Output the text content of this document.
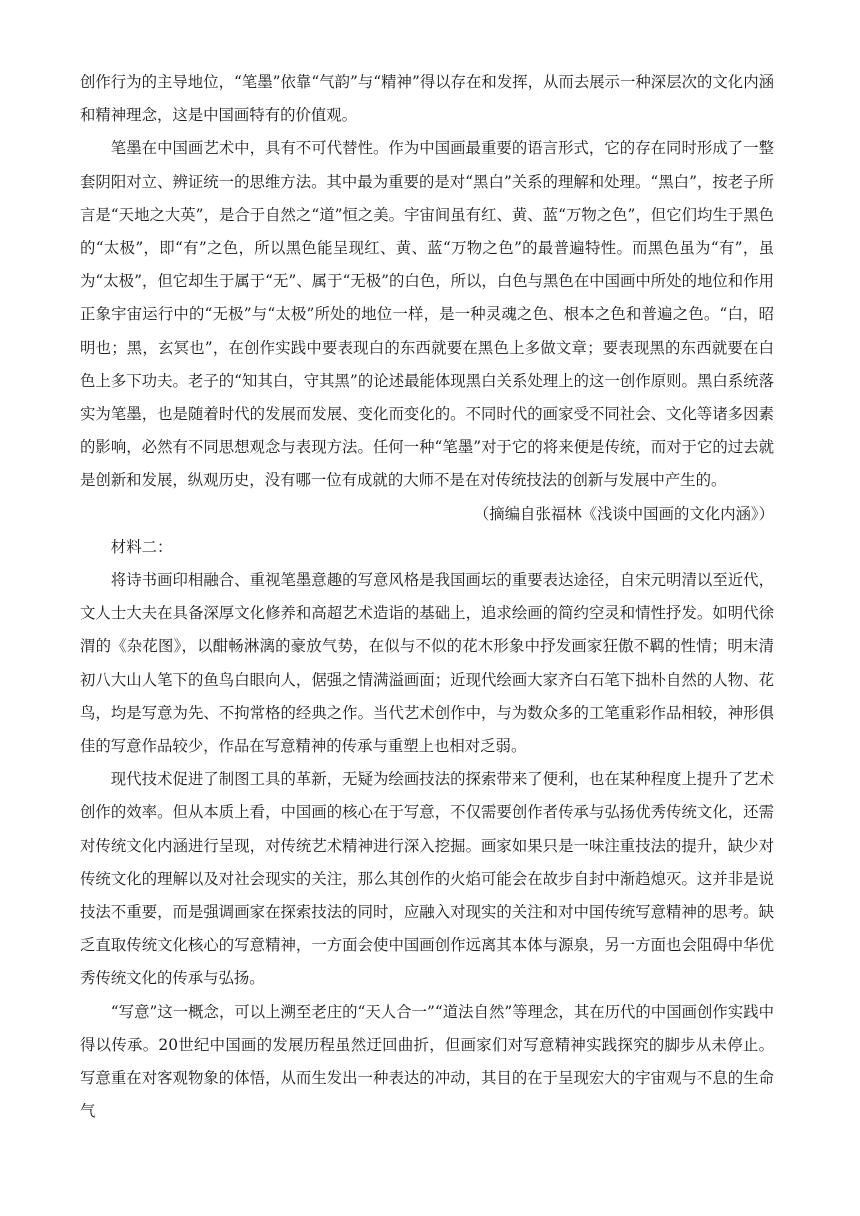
创作行为的主导地位，“笔墨”依靠“气韵”与“精神”得以存在和发挥，从而去展示一种深层次的文化内涵和精神理念，这是中国画特有的价值观。

笔墨在中国画艺术中，具有不可代替性。作为中国画最重要的语言形式，它的存在同时形成了一整套阴阳对立、辨证统一的思维方法。其中最为重要的是对“黑白”关系的理解和处理。“黑白”，按老子所言是“天地之大英”，是合于自然之“道”恒之美。宇宙间虽有红、黄、蓝“万物之色”，但它们均生于黑色的“太极”，即“有”之色，所以黑色能呈现红、黄、蓝“万物之色”的最普遍特性。而黑色虽为“有”，虽为“太极”，但它却生于属于“无”、属于“无极”的白色，所以，白色与黑色在中国画中所处的地位和作用正象宇宙运行中的“无极”与“太极”所处的地位一样，是一种灵魂之色、根本之色和普遍之色。“白，昭明也；黑，玄冥也”，在创作实践中要表现白的东西就要在黑色上多做文章；要表现黑的东西就要在白色上多下功夫。老子的“知其白，守其黑”的论述最能体现黑白关系处理上的这一创作原则。黑白系统落实为笔墨，也是随着时代的发展而发展、变化而变化的。不同时代的画家受不同社会、文化等诸多因素的影响，必然有不同思想观念与表现方法。任何一种“笔墨”对于它的将来便是传统，而对于它的过去就是创新和发展，纵观历史，没有哪一位有成就的大师不是在对传统技法的创新与发展中产生的。

（摘编自张福林《浅谈中国画的文化内涵》）

材料二：

将诗书画印相融合、重视笔墨意趣的写意风格是我国画坛的重要表达途径，自宋元明清以至近代，文人士大夫在具备深厚文化修养和高超艺术造诣的基础上，追求绘画的简约空灵和情性抒发。如明代徐渭的《杂花图》，以酣畅淋漓的豪放气势，在似与不似的花木形象中抒发画家狂傲不羁的性情；明末清初八大山人笔下的鱼鸟白眼向人，倨强之情满溢画面；近现代绘画大家齐白石笔下拙朴自然的人物、花鸟，均是写意为先、不拘常格的经典之作。当代艺术创作中，与为数众多的工笔重彩作品相较，神形俱佳的写意作品较少，作品在写意精神的传承与重塑上也相对乏弱。

现代技术促进了制图工具的革新，无疑为绘画技法的探索带来了便利，也在某种程度上提升了艺术创作的效率。但从本质上看，中国画的核心在于写意，不仅需要创作者传承与弘扬优秀传统文化，还需对传统文化内涵进行呈现，对传统艺术精神进行深入挖掘。画家如果只是一味注重技法的提升，缺少对传统文化的理解以及对社会现实的关注，那么其创作的火焰可能会在故步自封中渐趋熄灭。这并非是说技法不重要，而是强调画家在探索技法的同时，应融入对现实的关注和对中国传统写意精神的思考。缺乏直取传统文化核心的写意精神，一方面会使中国画创作远离其本体与源泉，另一方面也会阻碍中华优秀传统文化的传承与弘扬。

“写意”这一概念，可以上溯至老庄的“天人合一”“道法自然”等理念，其在历代的中国画创作实践中得以传承。20世纪中国画的发展历程虽然迂回曲折，但画家们对写意精神实践探究的脚步从未停止。写意重在对客观物象的体悟，从而生发出一种表达的冲动，其目的在于呈现宏大的宇宙观与不息的生命气
